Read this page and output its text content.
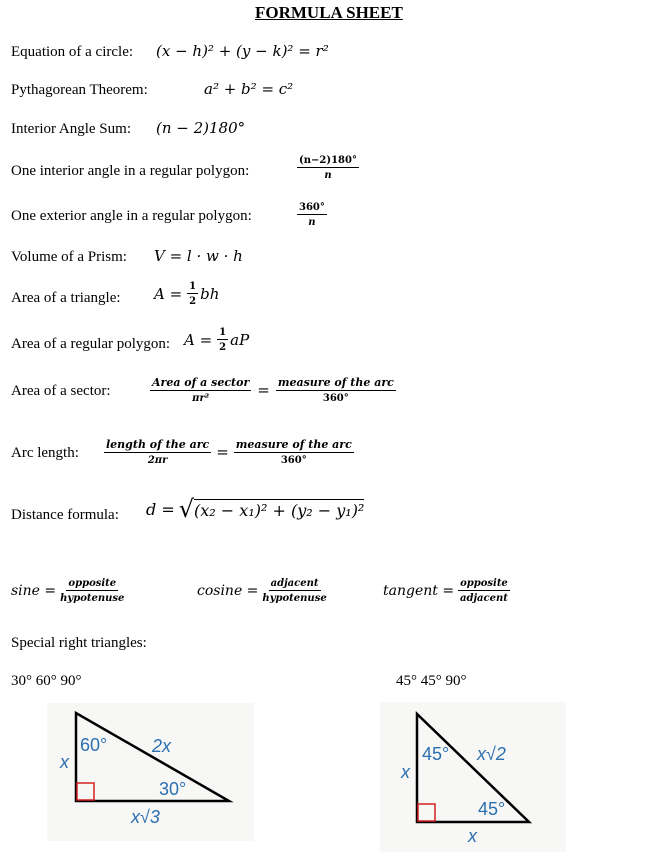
FORMULA SHEET
Equation of a circle: (x − h)² + (y − k)² = r²
Pythagorean Theorem:	a² + b² = c²
Interior Angle Sum: (n − 2)180°
One interior angle in a regular polygon:	$\frac{(n-2)180^\circ}{n}$
One exterior angle in a regular polygon:	$\frac{360^\circ}{n}$
Volume of a Prism: V = l · w · h
Area of a triangle: $A = \frac{1}{2}$ bh
Area of a regular polygon: $A = \frac{1}{2}$ aP
Area of a sector:	$\frac{\text{Area of a sector}}{\text{πr²}} = \frac{\text{measure of the arc}}{360^\circ}$
Arc length: $\frac{\text{length of the arc}}{2\pi r} = \frac{\text{measure of the arc}}{360^\circ}$
Distance formula: d = √ (x₂ − x₁)² + (y₂ − y₁)²
$\sin e = \frac{\text{opposite}}{\text{hypotenuse}}$	$cosine = \frac{\text{adjacent}}{\text{hypotenuse}}$	tangent = $\frac{\text{opposite}}{\text{adjacent}}$
Special right triangles:
30° 60° 90°	45° 45° 90°
60°
x
2x
30°
x√3
45°
x
x√2
45°
x
